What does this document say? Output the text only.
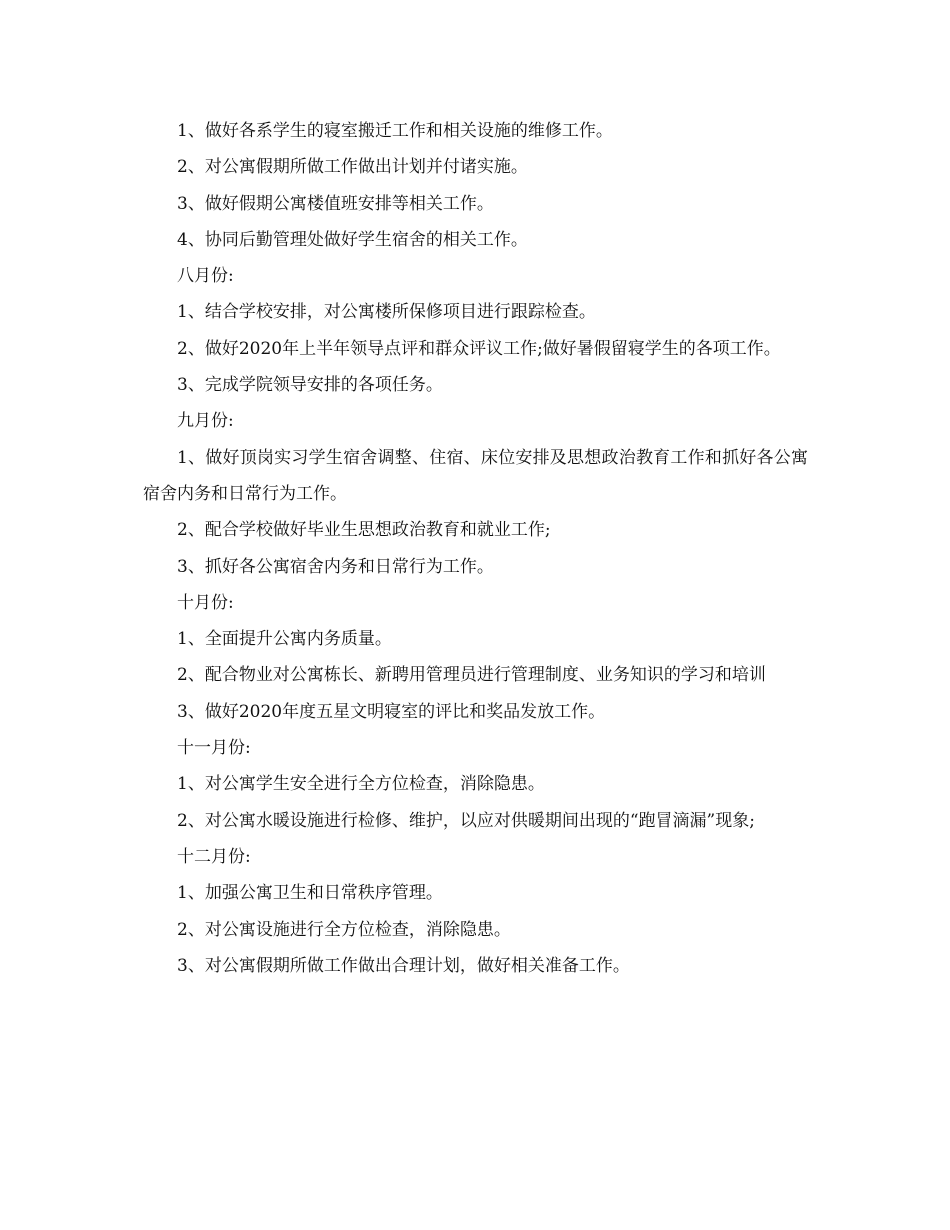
1、做好各系学生的寝室搬迁工作和相关设施的维修工作。

2、对公寓假期所做工作做出计划并付诸实施。

3、做好假期公寓楼值班安排等相关工作。

4、协同后勤管理处做好学生宿舍的相关工作。

八月份:

1、结合学校安排，对公寓楼所保修项目进行跟踪检查。

2、做好2020年上半年领导点评和群众评议工作;做好暑假留寝学生的各项工作。

3、完成学院领导安排的各项任务。

九月份:

1、做好顶岗实习学生宿舍调整、住宿、床位安排及思想政治教育工作和抓好各公寓宿舍内务和日常行为工作。

2、配合学校做好毕业生思想政治教育和就业工作;

3、抓好各公寓宿舍内务和日常行为工作。

十月份:

1、全面提升公寓内务质量。

2、配合物业对公寓栋长、新聘用管理员进行管理制度、业务知识的学习和培训

3、做好2020年度五星文明寝室的评比和奖品发放工作。

十一月份:

1、对公寓学生安全进行全方位检查，消除隐患。

2、对公寓水暖设施进行检修、维护，以应对供暖期间出现的“跑冒滴漏”现象;

十二月份:

1、加强公寓卫生和日常秩序管理。

2、对公寓设施进行全方位检查，消除隐患。

3、对公寓假期所做工作做出合理计划，做好相关准备工作。
